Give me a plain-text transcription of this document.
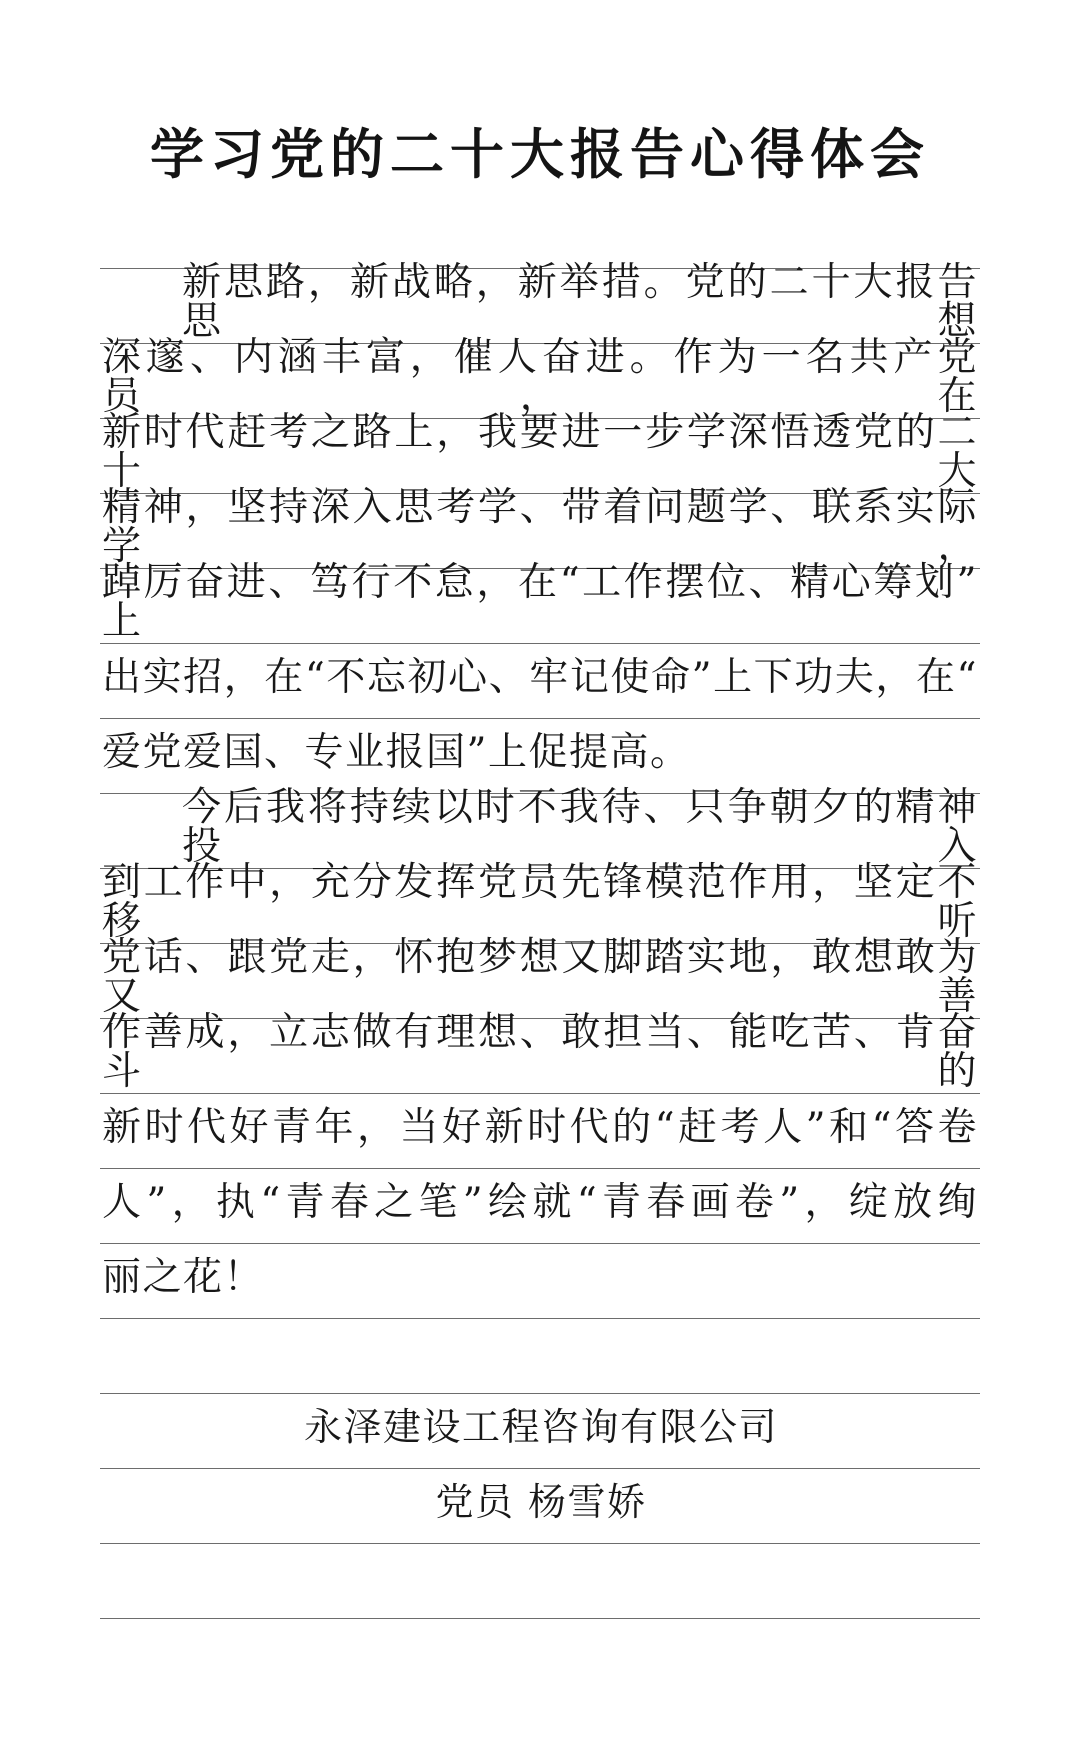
学习党的二十大报告心得体会
新思路，新战略，新举措。党的二十大报告思想
深邃、内涵丰富，催人奋进。作为一名共产党员，在
新时代赶考之路上，我要进一步学深悟透党的二十大
精神，坚持深入思考学、带着问题学、联系实际学，
踔厉奋进、笃行不怠，在“工作摆位、精心筹划”上
出实招，在“不忘初心、牢记使命”上下功夫，在“
爱党爱国、专业报国”上促提高。
今后我将持续以时不我待、只争朝夕的精神投入
到工作中，充分发挥党员先锋模范作用，坚定不移听
党话、跟党走，怀抱梦想又脚踏实地，敢想敢为又善
作善成，立志做有理想、敢担当、能吃苦、肯奋斗的
新时代好青年，当好新时代的“赶考人”和“答卷
人”，执“青春之笔”绘就“青春画卷”，绽放绚
丽之花！
永泽建设工程咨询有限公司
党员 杨雪娇
